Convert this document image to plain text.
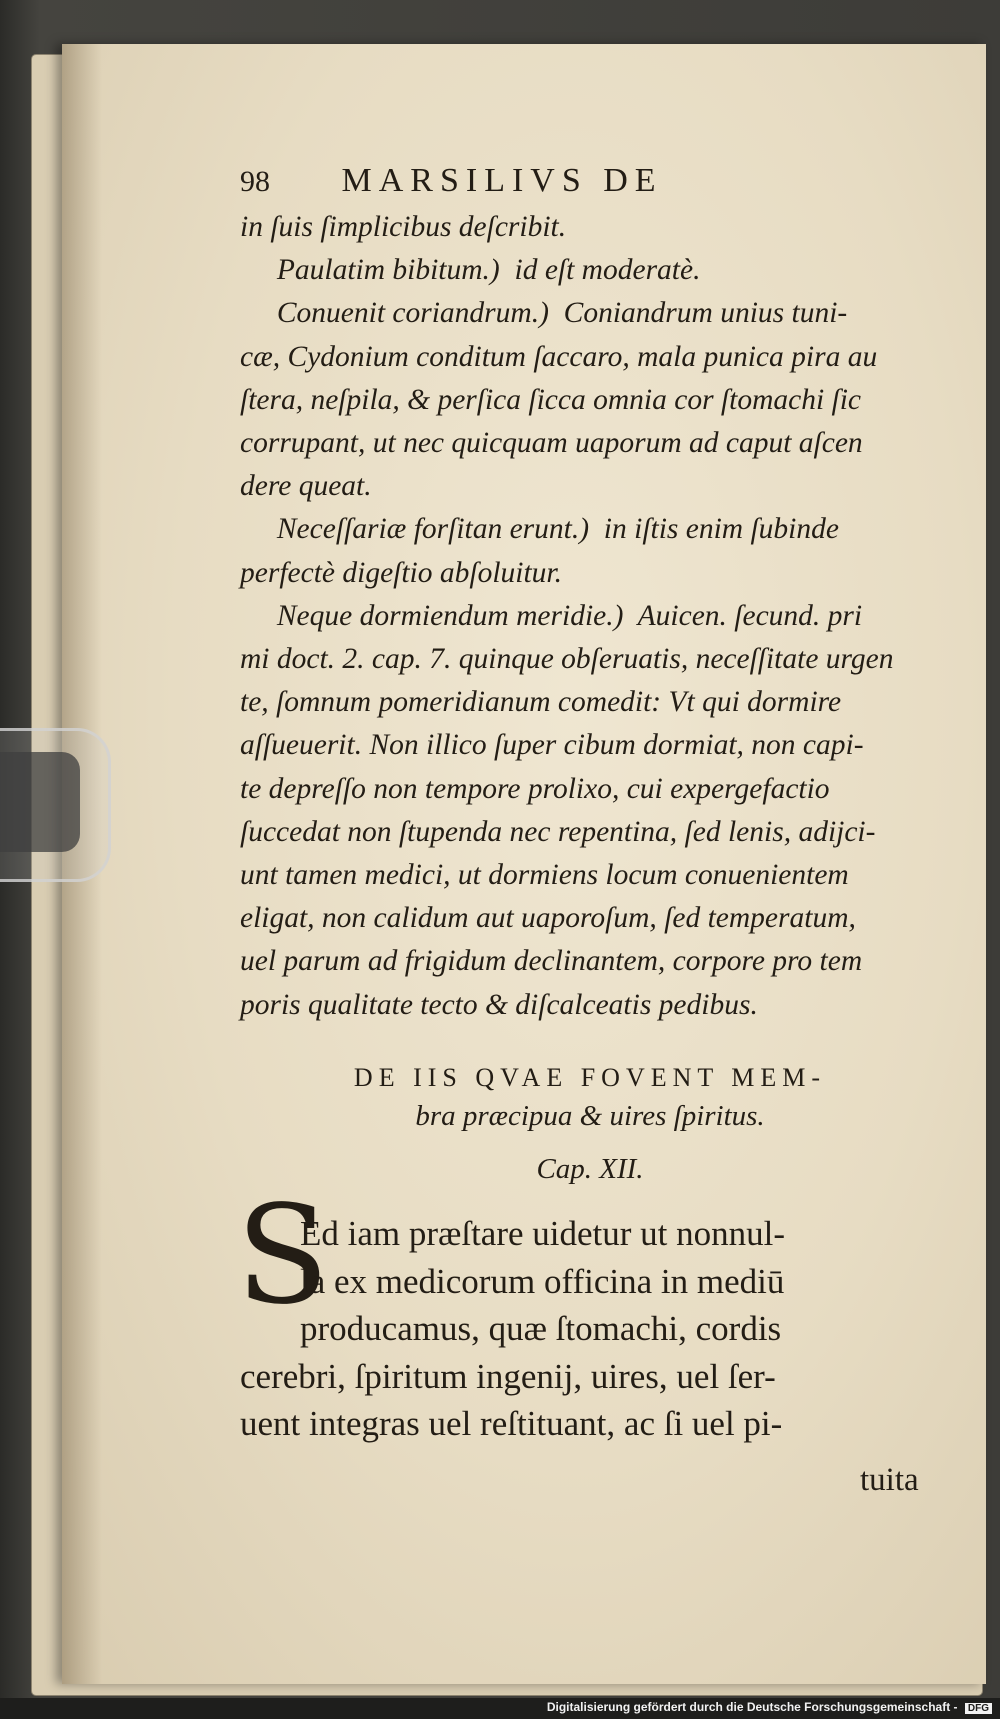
98 MARSILIVS DE
in ſuis ſimplicibus deſcribit.
Paulatim bibitum.)  id eſt moderatè.
Conuenit coriandrum.)  Coniandrum unius tuni-
cæ, Cydonium conditum ſaccaro, mala punica pira au
ſtera, neſpila, & perſica ſicca omnia cor ſtomachi ſic
corrupant, ut nec quicquam uaporum ad caput aſcen
dere queat.
Neceſſariæ forſitan erunt.)  in iſtis enim ſubinde
perfectè digeſtio abſoluitur.
Neque dormiendum meridie.)  Auicen. ſecund. pri
mi doct. 2. cap. 7. quinque obſeruatis, neceſſitate urgen
te, ſomnum pomeridianum comedit: Vt qui dormire
aſſueuerit. Non illico ſuper cibum dormiat, non capi-
te depreſſo non tempore prolixo, cui expergefactio
ſuccedat non ſtupenda nec repentina, ſed lenis, adijci-
unt tamen medici, ut dormiens locum conuenientem
eligat, non calidum aut uaporoſum, ſed temperatum,
uel parum ad frigidum declinantem, corpore pro tem
poris qualitate tecto & diſcalceatis pedibus.
DE IIS QVAE FOVENT MEM-
bra præcipua & uires ſpiritus.
Cap. XII.
S
Ed iam præſtare uidetur ut nonnul-
la ex medicorum officina in mediū
producamus, quæ ſtomachi, cordis
cerebri, ſpiritum ingenij, uires, uel ſer-
uent integras uel reſtituant, ac ſi uel pi-
tuita
Digitalisierung gefördert durch die Deutsche Forschungsgemeinschaft - DFG
